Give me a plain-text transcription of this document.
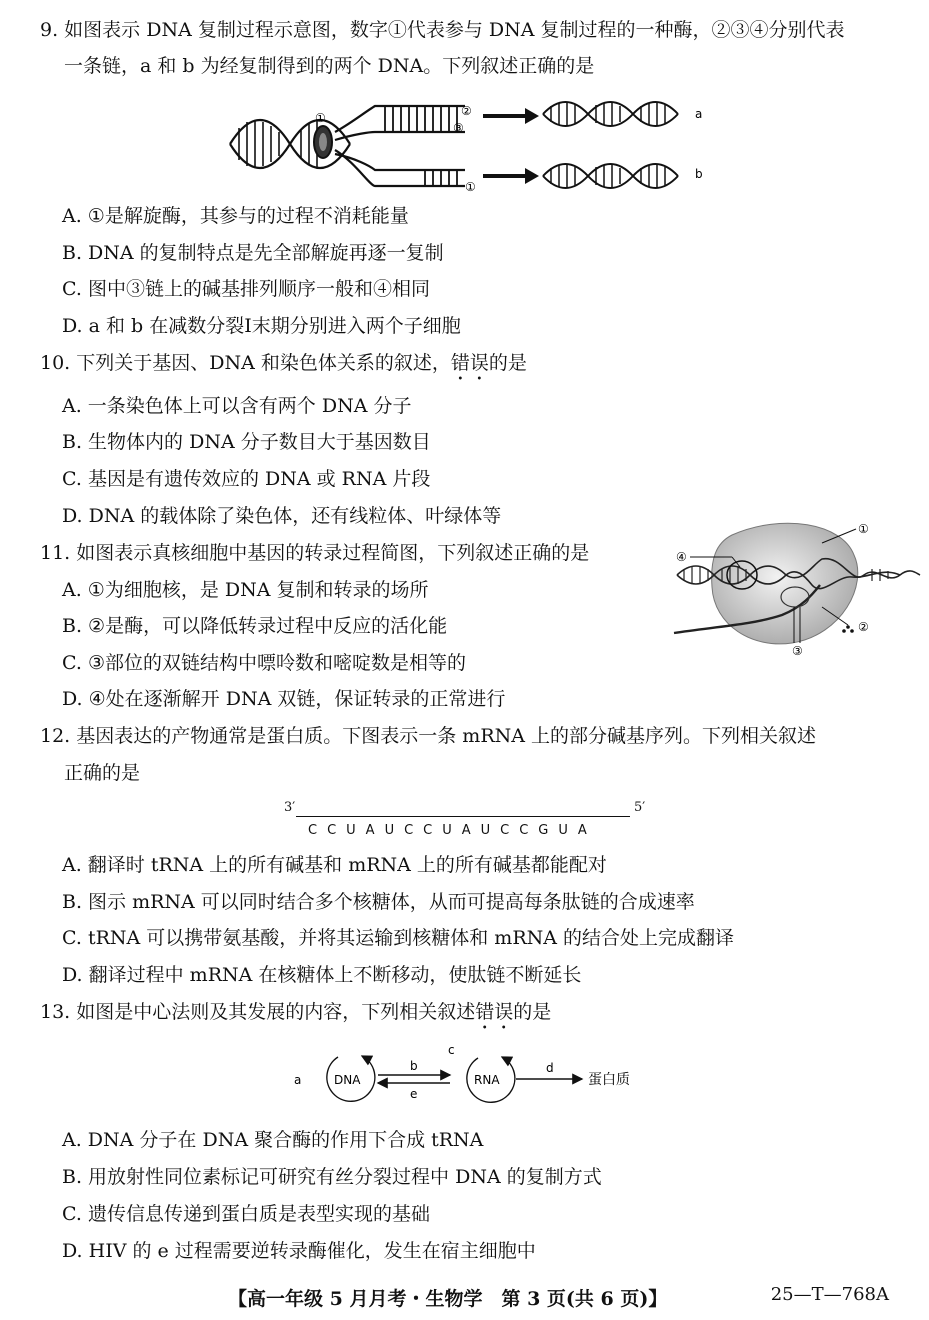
9. 如图表示 DNA 复制过程示意图，数字①代表参与 DNA 复制过程的一种酶，②③④分别代表
一条链，a 和 b 为经复制得到的两个 DNA。下列叙述正确的是
①	②
③
①
a
b
A. ①是解旋酶，其参与的过程不消耗能量
B. DNA 的复制特点是先全部解旋再逐一复制
C. 图中③链上的碱基排列顺序一般和④相同
D. a 和 b 在减数分裂Ⅰ末期分别进入两个子细胞
10. 下列关于基因、DNA 和染色体关系的叙述，错误的是
A. 一条染色体上可以含有两个 DNA 分子
B. 生物体内的 DNA 分子数目大于基因数目
C. 基因是有遗传效应的 DNA 或 RNA 片段
D. DNA 的载体除了染色体，还有线粒体、叶绿体等
11. 如图表示真核细胞中基因的转录过程简图，下列叙述正确的是
A. ①为细胞核，是 DNA 复制和转录的场所
B. ②是酶，可以降低转录过程中反应的活化能
C. ③部位的双链结构中嘌呤数和嘧啶数是相等的
D. ④处在逐渐解开 DNA 双链，保证转录的正常进行
④
①
②
③
12. 基因表达的产物通常是蛋白质。下图表示一条 mRNA 上的部分碱基序列。下列相关叙述
正确的是
3′	5′
CCUAUCCUAUCCGUA
A. 翻译时 tRNA 上的所有碱基和 mRNA 上的所有碱基都能配对
B. 图示 mRNA 可以同时结合多个核糖体，从而可提高每条肽链的合成速率
C. tRNA 可以携带氨基酸，并将其运输到核糖体和 mRNA 的结合处上完成翻译
D. 翻译过程中 mRNA 在核糖体上不断移动，使肽链不断延长
13. 如图是中心法则及其发展的内容，下列相关叙述错误的是
a	DNA
b
e
c
RNA
d
蛋白质
A. DNA 分子在 DNA 聚合酶的作用下合成 tRNA
B. 用放射性同位素标记可研究有丝分裂过程中 DNA 的复制方式
C. 遗传信息传递到蛋白质是表型实现的基础
D. HIV 的 e 过程需要逆转录酶催化，发生在宿主细胞中
【高一年级 5 月月考・生物学　第 3 页(共 6 页)】	25—T—768A
